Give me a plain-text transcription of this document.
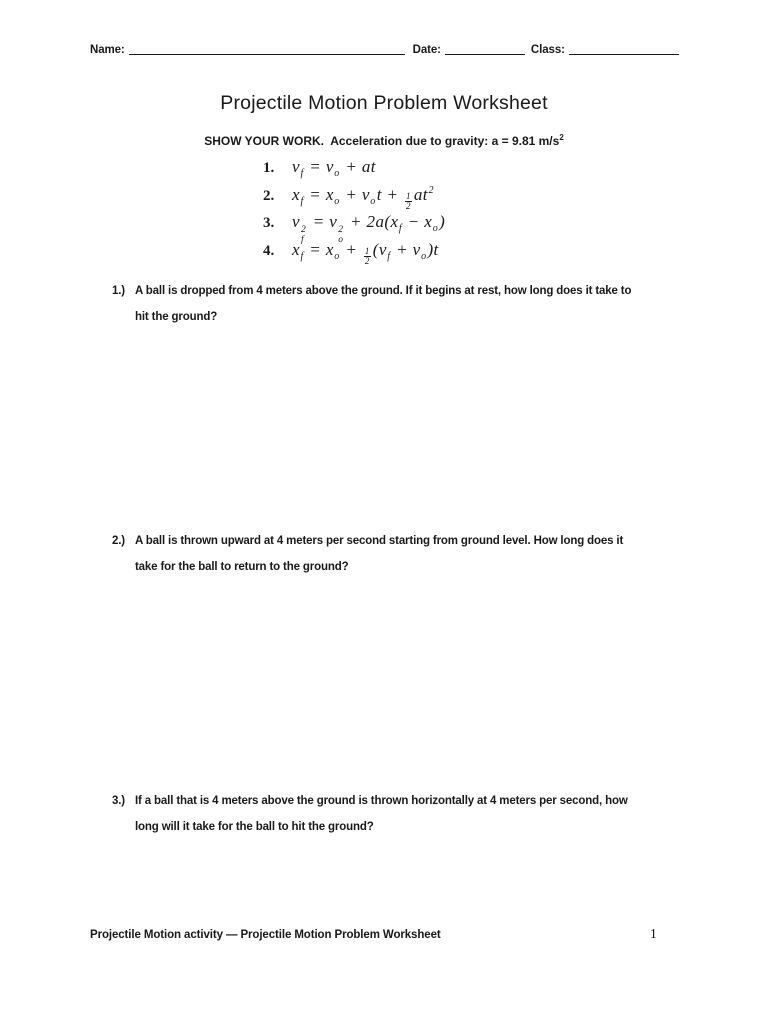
Name:	Date:	Class:
Projectile Motion Problem Worksheet
SHOW YOUR WORK.  Acceleration due to gravity: a = 9.81 $m/s^2$
1.	$v_f = v_o$ + at
2.	$x_f = x_o + v_ot + \frac{1}{2} at^2$
3.	v 2
f
= v 2
o
+ $2a(x_f - x_o)$
4.	$x_f = x_o + \frac{1}{2} (v_f + v_o)t$
1.) A ball is dropped from 4 meters above the ground. If it begins at rest, how long does it take to
hit the ground?
2.) A ball is thrown upward at 4 meters per second starting from ground level. How long does it
take for the ball to return to the ground?
3.) If a ball that is 4 meters above the ground is thrown horizontally at 4 meters per second, how
long will it take for the ball to hit the ground?
Projectile Motion activity — Projectile Motion Problem Worksheet	1
